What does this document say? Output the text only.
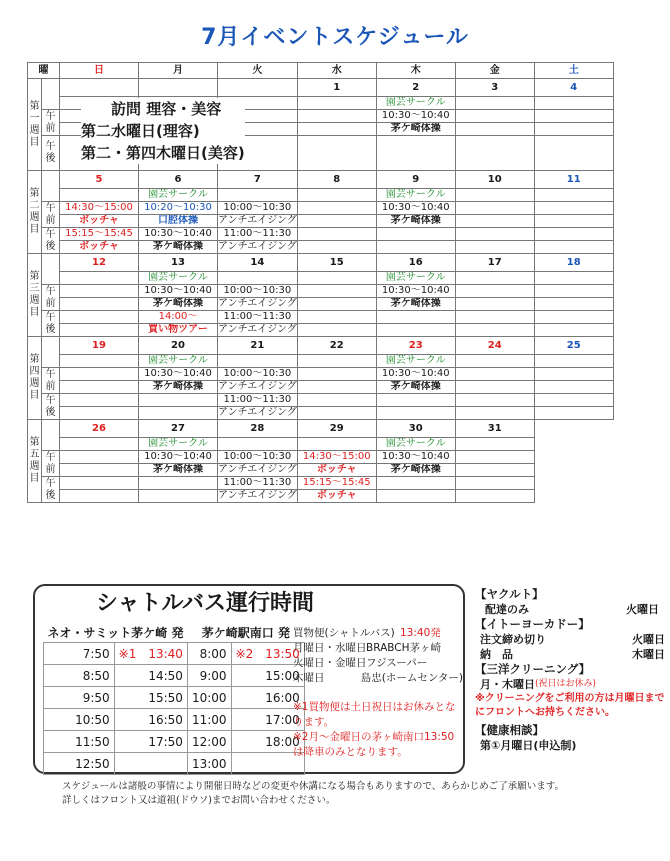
7月イベントスケジュール
曜		日	月	火	水	木	金	土
第一週目					1	2	3	4
						園芸サークル		
	午前					10:30〜10:40		
						茅ケ崎体操		
	午後							
第二週目		5	6	7	8	9	10	11
			園芸サークル			園芸サークル		
	午前	14:30〜15:00	10:20〜10:30	10:00〜10:30		10:30〜10:40		
		ボッチャ	口腔体操	アンチエイジング		茅ケ崎体操		
	午後	15:15〜15:45	10:30〜10:40	11:00〜11:30				
		ボッチャ	茅ケ崎体操	アンチエイジング				
第三週目		12	13	14	15	16	17	18
			園芸サークル			園芸サークル		
	午前		10:30〜10:40	10:00〜10:30		10:30〜10:40		
			茅ケ崎体操	アンチエイジング		茅ケ崎体操		
	午後		14:00〜	11:00〜11:30				
			買い物ツアー	アンチエイジング				
第四週目		19	20	21	22	23	24	25
			園芸サークル			園芸サークル		
	午前		10:30〜10:40	10:00〜10:30		10:30〜10:40		
			茅ケ崎体操	アンチエイジング		茅ケ崎体操		
	午後			11:00〜11:30				
				アンチエイジング				
第五週目		26	27	28	29	30	31	
			園芸サークル			園芸サークル		
	午前		10:30〜10:40	10:00〜10:30	14:30〜15:00	10:30〜10:40		
			茅ケ崎体操	アンチエイジング	ボッチャ	茅ケ崎体操		
	午後			11:00〜11:30	15:15〜15:45			
				アンチエイジング	ボッチャ			
訪問 理容・美容
第二水曜日(理容)
第二・第四木曜日(美容)
シャトルバス運行時間
ネオ・サミット茅ケ崎 発		茅ケ崎駅南口 発	
7:50	※1　13:40	8:00	※2　13:50
8:50	14:50	9:00	15:00
9:50	15:50	10:00	16:00
10:50	16:50	11:00	17:00
11:50	17:50	12:00	18:00
12:50		13:00	
買物便(シャトルバス) 13:40発
月曜日・水曜日 BRABCH茅ヶ崎
火曜日・金曜日 フジスーパー
木曜日	島忠(ホームセンター)
※1買物便は土日祝日はお休みとなります。
※2月〜金曜日の茅ヶ崎南口13:50は降車のみとなります。
【ヤクルト】
配達のみ	火曜日
【イトーヨーカドー】
注文締め切り	火曜日
納　品	木曜日
【三洋クリーニング】
月・木曜日 (祝日はお休み)
※クリーニングをご利用の方は月曜日までにフロントへお持ちください。
【健康相談】
第①月曜日(申込制)
スケジュールは諸般の事情により開催日時などの変更や休講になる場合もありますので、あらかじめご了承願います。
詳しくはフロント又は道祖(ドウソ)までお問い合わせください。
